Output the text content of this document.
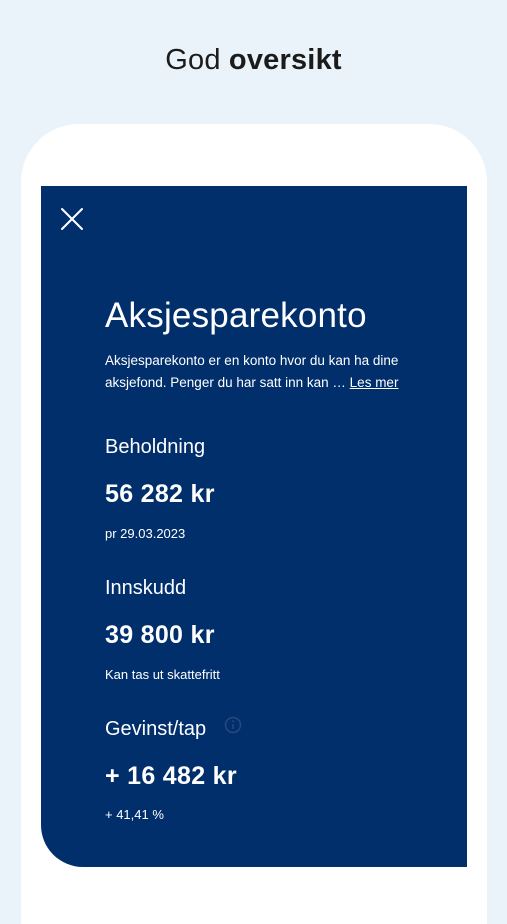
God oversikt
Aksjesparekonto
Aksjesparekonto er en konto hvor du kan ha dine aksjefond. Penger du har satt inn kan … Les mer
Beholdning
56 282 kr
pr 29.03.2023
Innskudd
39 800 kr
Kan tas ut skattefritt
Gevinst/tap
+ 16 482 kr
+ 41,41 %
